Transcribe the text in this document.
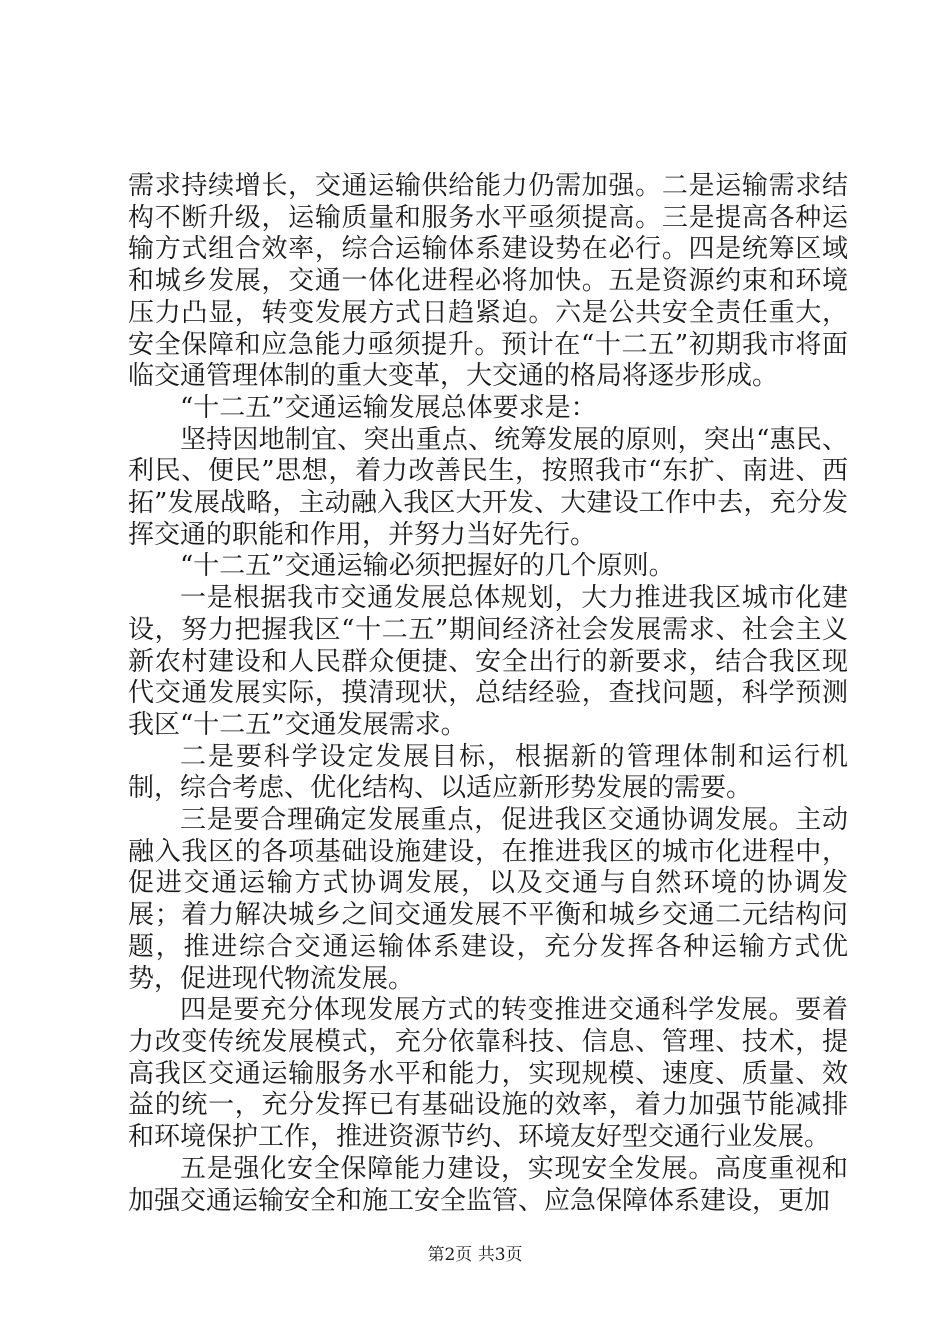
需求持续增长，交通运输供给能力仍需加强。二是运输需求结构不断升级，运输质量和服务水平亟须提高。三是提高各种运输方式组合效率，综合运输体系建设势在必行。四是统筹区域和城乡发展，交通一体化进程必将加快。五是资源约束和环境压力凸显，转变发展方式日趋紧迫。六是公共安全责任重大，安全保障和应急能力亟须提升。预计在“十二五”初期我市将面临交通管理体制的重大变革，大交通的格局将逐步形成。

“十二五”交通运输发展总体要求是：

坚持因地制宜、突出重点、统筹发展的原则，突出“惠民、利民、便民”思想，着力改善民生，按照我市“东扩、南进、西拓”发展战略，主动融入我区大开发、大建设工作中去，充分发挥交通的职能和作用，并努力当好先行。

“十二五”交通运输必须把握好的几个原则。

一是根据我市交通发展总体规划，大力推进我区城市化建设，努力把握我区“十二五”期间经济社会发展需求、社会主义新农村建设和人民群众便捷、安全出行的新要求，结合我区现代交通发展实际，摸清现状，总结经验，查找问题，科学预测我区“十二五”交通发展需求。

二是要科学设定发展目标，根据新的管理体制和运行机制，综合考虑、优化结构、以适应新形势发展的需要。

三是要合理确定发展重点，促进我区交通协调发展。主动融入我区的各项基础设施建设，在推进我区的城市化进程中，促进交通运输方式协调发展，以及交通与自然环境的协调发展；着力解决城乡之间交通发展不平衡和城乡交通二元结构问题，推进综合交通运输体系建设，充分发挥各种运输方式优势，促进现代物流发展。

四是要充分体现发展方式的转变推进交通科学发展。要着力改变传统发展模式，充分依靠科技、信息、管理、技术，提高我区交通运输服务水平和能力，实现规模、速度、质量、效益的统一，充分发挥已有基础设施的效率，着力加强节能减排和环境保护工作，推进资源节约、环境友好型交通行业发展。

五是强化安全保障能力建设，实现安全发展。高度重视和加强交通运输安全和施工安全监管、应急保障体系建设，更加

第2页 共3页
